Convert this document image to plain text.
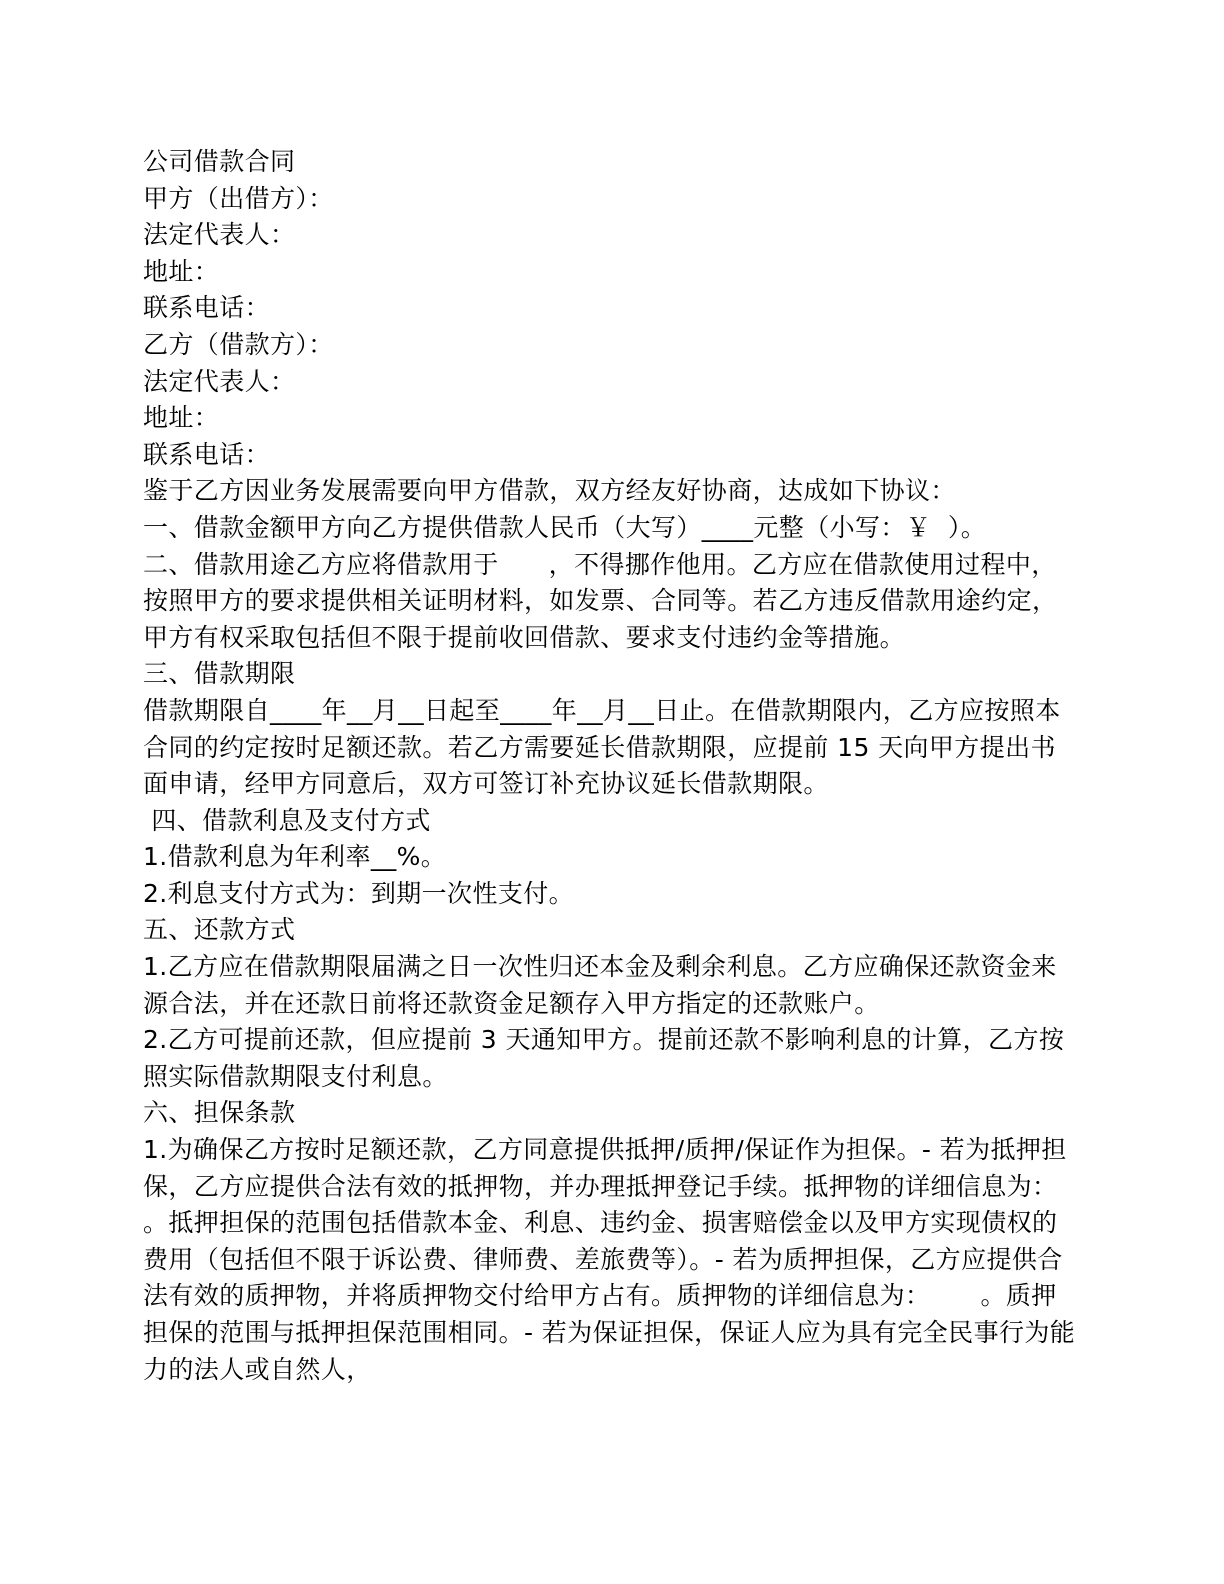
公司借款合同

甲方（出借方）：

法定代表人：

地址：

联系电话：

乙方（借款方）：

法定代表人：

地址：

联系电话：

鉴于乙方因业务发展需要向甲方借款，双方经友好协商，达成如下协议：

一、借款金额甲方向乙方提供借款人民币（大写）____元整（小写：￥  ）。

二、借款用途乙方应将借款用于      ，不得挪作他用。乙方应在借款使用过程中，按照甲方的要求提供相关证明材料，如发票、合同等。若乙方违反借款用途约定，甲方有权采取包括但不限于提前收回借款、要求支付违约金等措施。

三、借款期限

借款期限自____年__月__日起至____年__月__日止。在借款期限内，乙方应按照本合同的约定按时足额还款。若乙方需要延长借款期限，应提前 15 天向甲方提出书面申请，经甲方同意后，双方可签订补充协议延长借款期限。

四、借款利息及支付方式

1.借款利息为年利率__%。

2.利息支付方式为：到期一次性支付。

五、还款方式

1.乙方应在借款期限届满之日一次性归还本金及剩余利息。乙方应确保还款资金来源合法，并在还款日前将还款资金足额存入甲方指定的还款账户。

2.乙方可提前还款，但应提前 3 天通知甲方。提前还款不影响利息的计算，乙方按照实际借款期限支付利息。

六、担保条款

1.为确保乙方按时足额还款，乙方同意提供抵押/质押/保证作为担保。- 若为抵押担保，乙方应提供合法有效的抵押物，并办理抵押登记手续。抵押物的详细信息为：      。抵押担保的范围包括借款本金、利息、违约金、损害赔偿金以及甲方实现债权的费用（包括但不限于诉讼费、律师费、差旅费等）。- 若为质押担保，乙方应提供合法有效的质押物，并将质押物交付给甲方占有。质押物的详细信息为：      。质押担保的范围与抵押担保范围相同。- 若为保证担保，保证人应为具有完全民事行为能力的法人或自然人，
